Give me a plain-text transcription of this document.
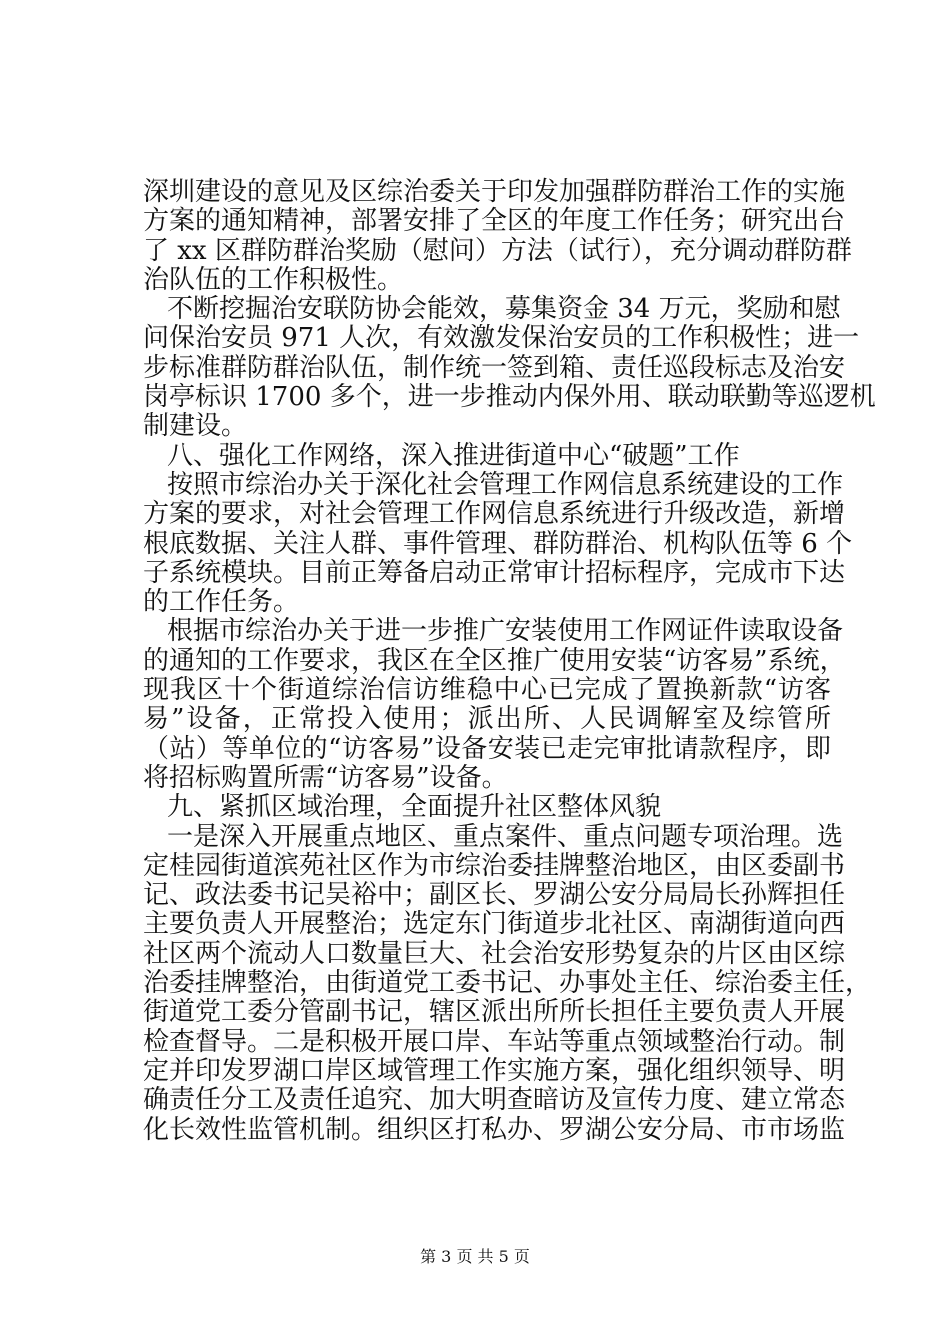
深圳建设的意见及区综治委关于印发加强群防群治工作的实施
方案的通知精神，部署安排了全区的年度工作任务；研究出台
了 xx 区群防群治奖励（慰问）方法（试行），充分调动群防群
治队伍的工作积极性。
不断挖掘治安联防协会能效，募集资金 34 万元，奖励和慰
问保治安员 971 人次，有效激发保治安员的工作积极性；进一
步标准群防群治队伍，制作统一签到箱、责任巡段标志及治安
岗亭标识 1700 多个，进一步推动内保外用、联动联勤等巡逻机
制建设。
八、强化工作网络，深入推进街道中心“破题”工作
按照市综治办关于深化社会管理工作网信息系统建设的工作
方案的要求，对社会管理工作网信息系统进行升级改造，新增
根底数据、关注人群、事件管理、群防群治、机构队伍等 6 个
子系统模块。目前正筹备启动正常审计招标程序，完成市下达
的工作任务。
根据市综治办关于进一步推广安装使用工作网证件读取设备
的通知的工作要求，我区在全区推广使用安装“访客易”系统，
现我区十个街道综治信访维稳中心已完成了置换新款“访客
易”设备，正常投入使用；派出所、人民调解室及综管所
（站）等单位的“访客易”设备安装已走完审批请款程序，即
将招标购置所需“访客易”设备。
九、紧抓区域治理，全面提升社区整体风貌
一是深入开展重点地区、重点案件、重点问题专项治理。选
定桂园街道滨苑社区作为市综治委挂牌整治地区，由区委副书
记、政法委书记吴裕中；副区长、罗湖公安分局局长孙辉担任
主要负责人开展整治；选定东门街道步北社区、南湖街道向西
社区两个流动人口数量巨大、社会治安形势复杂的片区由区综
治委挂牌整治，由街道党工委书记、办事处主任、综治委主任，
街道党工委分管副书记，辖区派出所所长担任主要负责人开展
检查督导。二是积极开展口岸、车站等重点领域整治行动。制
定并印发罗湖口岸区域管理工作实施方案，强化组织领导、明
确责任分工及责任追究、加大明查暗访及宣传力度、建立常态
化长效性监管机制。组织区打私办、罗湖公安分局、市市场监
第 3 页 共 5 页
